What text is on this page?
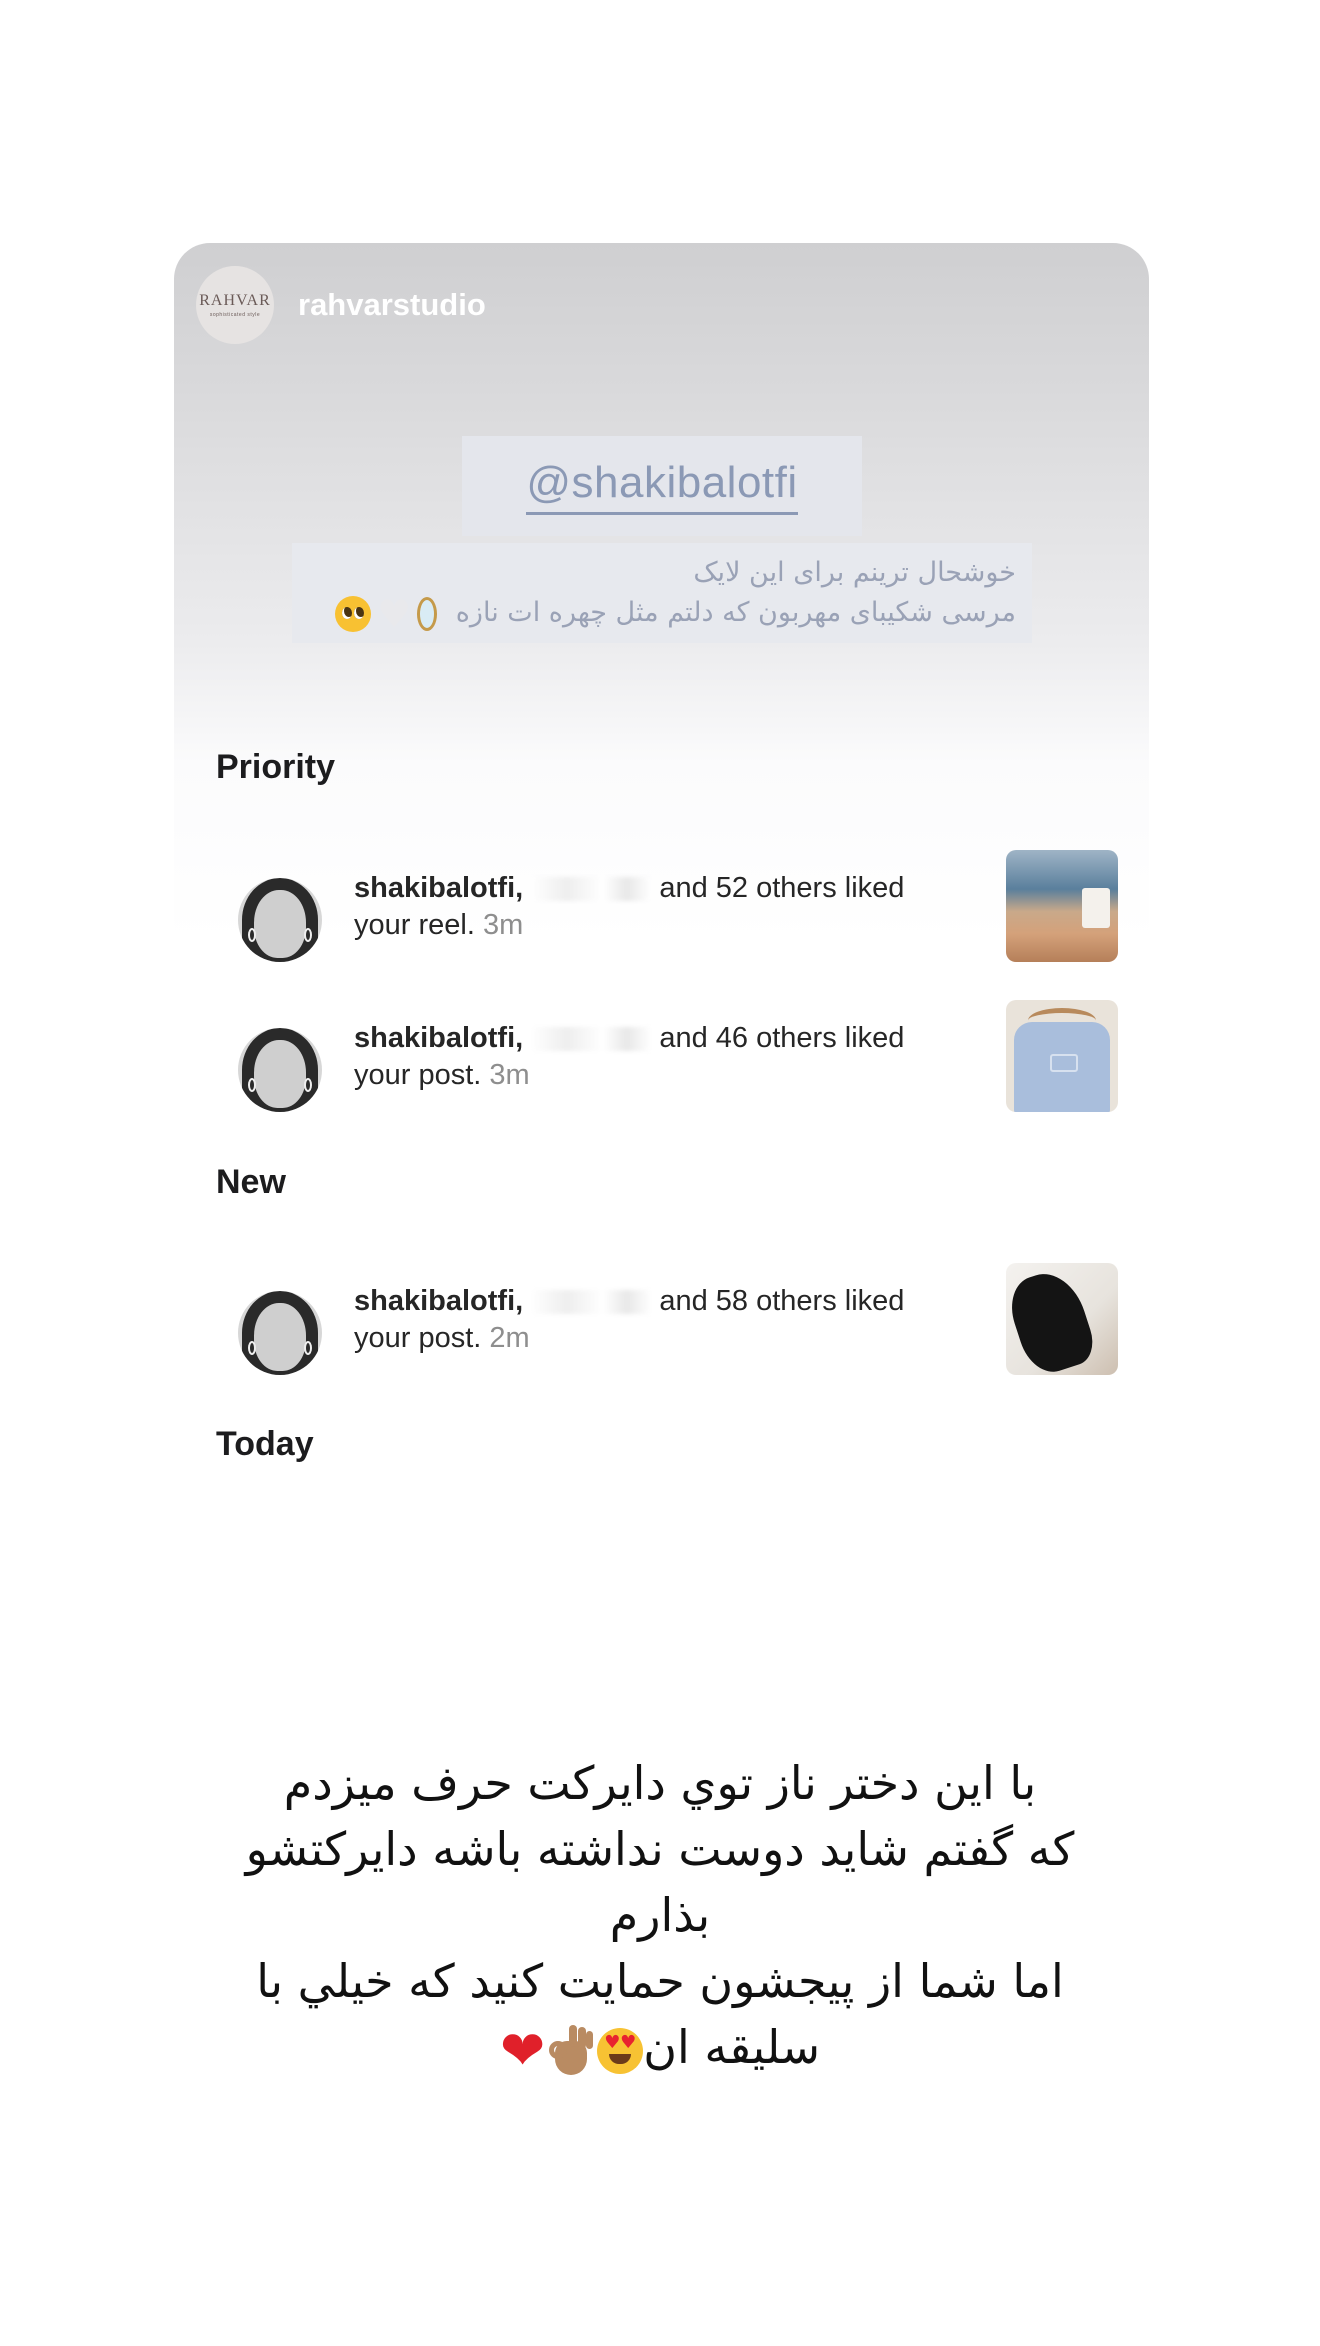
RAHVAR
sophisticated style rahvarstudio
@shakibalotfi
خوشحال ترینم برای این لایک
مرسی شکیبای مهربون که دلتم مثل چهره ات نازه
♥
Priority
shakibalotfi,	and 52 others liked your reel. 3m
shakibalotfi,	and 46 others liked your post. 3m
New
shakibalotfi,	and 58 others liked your post. 2m
Today
با این دختر ناز توي دايركت حرف ميزدم
كه گفتم شايد دوست نداشته باشه دايركتشو بذارم
اما شما از پيجشون حمايت كنيد كه خيلي با سليقه ان
❤
♥
♥
